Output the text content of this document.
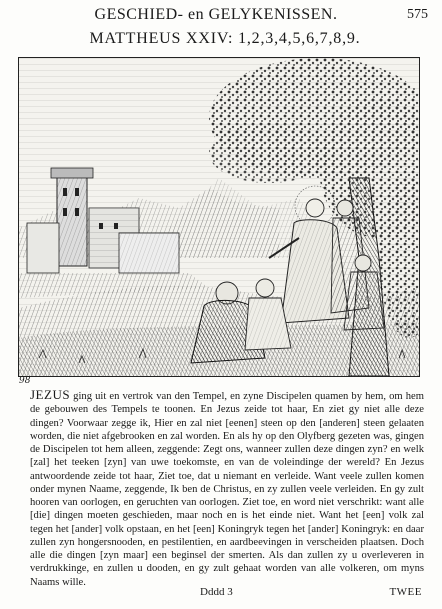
GESCHIED- en GELYKENISSEN.	575
MATTHEUS XXIV: 1,2,3,4,5,6,7,8,9.
98
JEZUS ging uit en vertrok van den Tempel, en zyne Discipelen quamen by hem, om hem de gebouwen des Tempels te toonen. En Jezus zeide tot haar, En ziet gy niet alle deze dingen? Voorwaar zegge ik, Hier en zal niet [eenen] steen op den [anderen] steen gelaaten worden, die niet afgebrooken en zal worden. En als hy op den Olyfberg gezeten was, gingen de Discipelen tot hem alleen, zeggende: Zegt ons, wanneer zullen deze dingen zyn? en welk [zal] het teeken [zyn] van uwe toekomste, en van de voleindinge der wereld? En Jezus antwoordende zeide tot haar, Ziet toe, dat u niemant en verleide. Want veele zullen komen onder mynen Naame, zeggende, Ik ben de Christus, en zy zullen veele verleiden. En gy zult hooren van oorlogen, en geruchten van oorlogen. Ziet toe, en word niet verschrikt: want alle [die] dingen moeten geschieden, maar noch en is het einde niet. Want het [een] volk zal tegen het [ander] volk opstaan, en het [een] Koningryk tegen het [ander] Koningryk: en daar zullen zyn hongersnooden, en pestilentien, en aardbeevingen in verscheiden plaatsen. Doch alle die dingen [zyn maar] een beginsel der smerten. Als dan zullen zy u overleveren in verdrukkinge, en zullen u dooden, en gy zult gehaat worden van alle volkeren, om myns Naams wille.
Dddd 3	TWEE
